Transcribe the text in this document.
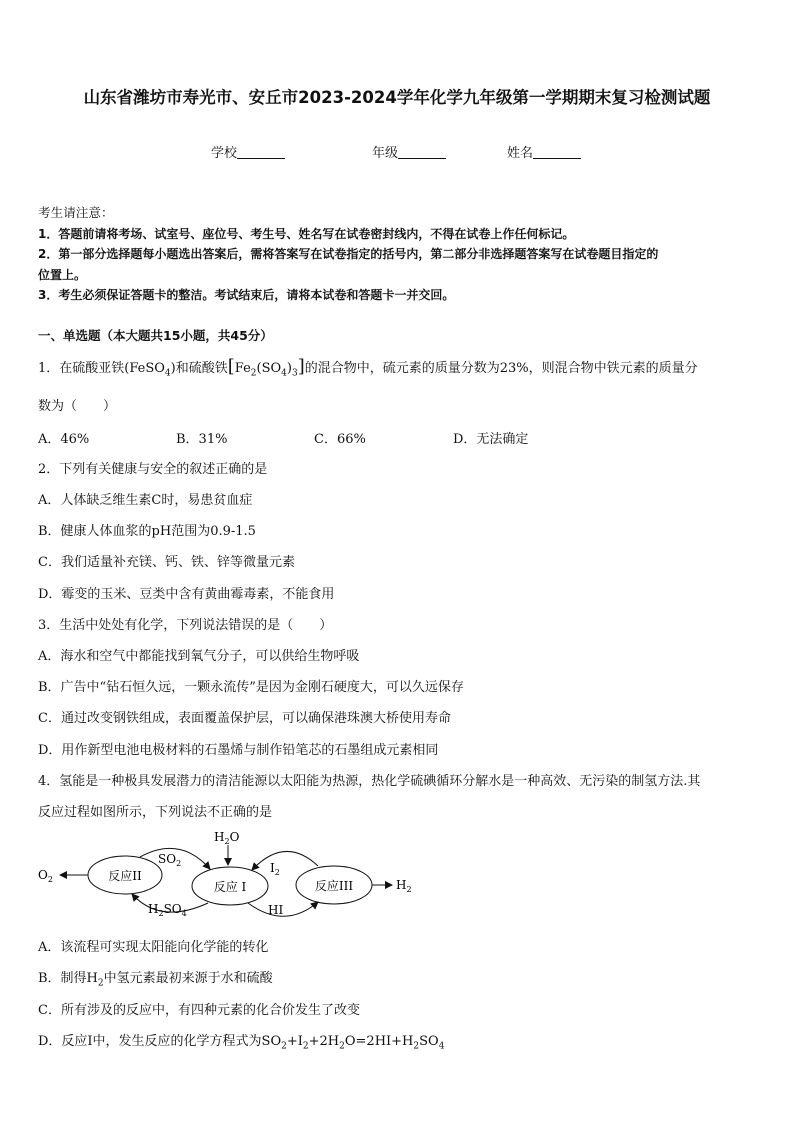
山东省潍坊市寿光市、安丘市2023-2024学年化学九年级第一学期期末复习检测试题
学校	年级	姓名
考生请注意：
1．答题前请将考场、试室号、座位号、考生号、姓名写在试卷密封线内，不得在试卷上作任何标记。
2．第一部分选择题每小题选出答案后，需将答案写在试卷指定的括号内，第二部分非选择题答案写在试卷题目指定的
位置上。
3．考生必须保证答题卡的整洁。考试结束后，请将本试卷和答题卡一并交回。
一、单选题（本大题共15小题，共45分）
1．在硫酸亚铁(FeSO$_4$)和硫酸铁$[Fe_2(SO_4)_3]$的混合物中，硫元素的质量分数为23%，则混合物中铁元素的质量分
数为（　　）
A．46%	B．31%	C．66%	D．无法确定
2．下列有关健康与安全的叙述正确的是
A．人体缺乏维生素C时，易患贫血症
B．健康人体血浆的pH范围为0.9-1.5
C．我们适量补充镁、钙、铁、锌等微量元素
D．霉变的玉米、豆类中含有黄曲霉毒素，不能食用
3．生活中处处有化学，下列说法错误的是（　　）
A．海水和空气中都能找到氧气分子，可以供给生物呼吸
B．广告中“钻石恒久远，一颗永流传”是因为金刚石硬度大，可以久远保存
C．通过改变钢铁组成，表面覆盖保护层，可以确保港珠澳大桥使用寿命
D．用作新型电池电极材料的石墨烯与制作铅笔芯的石墨组成元素相同
4．氢能是一种极具发展潜力的清洁能源以太阳能为热源，热化学硫碘循环分解水是一种高效、无污染的制氢方法.其
反应过程如图所示，下列说法不正确的是
反应II
反应 I	反应III
$O_2$	$H_2$
$H_2O$
$SO_2$
$H_2SO_4$
$I_2$
HI
A．该流程可实现太阳能向化学能的转化
B．制得$H_2$中氢元素最初来源于水和硫酸
C．所有涉及的反应中，有四种元素的化合价发生了改变
D．反应Ⅰ中，发生反应的化学方程式为$SO_2+I_2+2H_2O=2HI+H_2SO_4$
